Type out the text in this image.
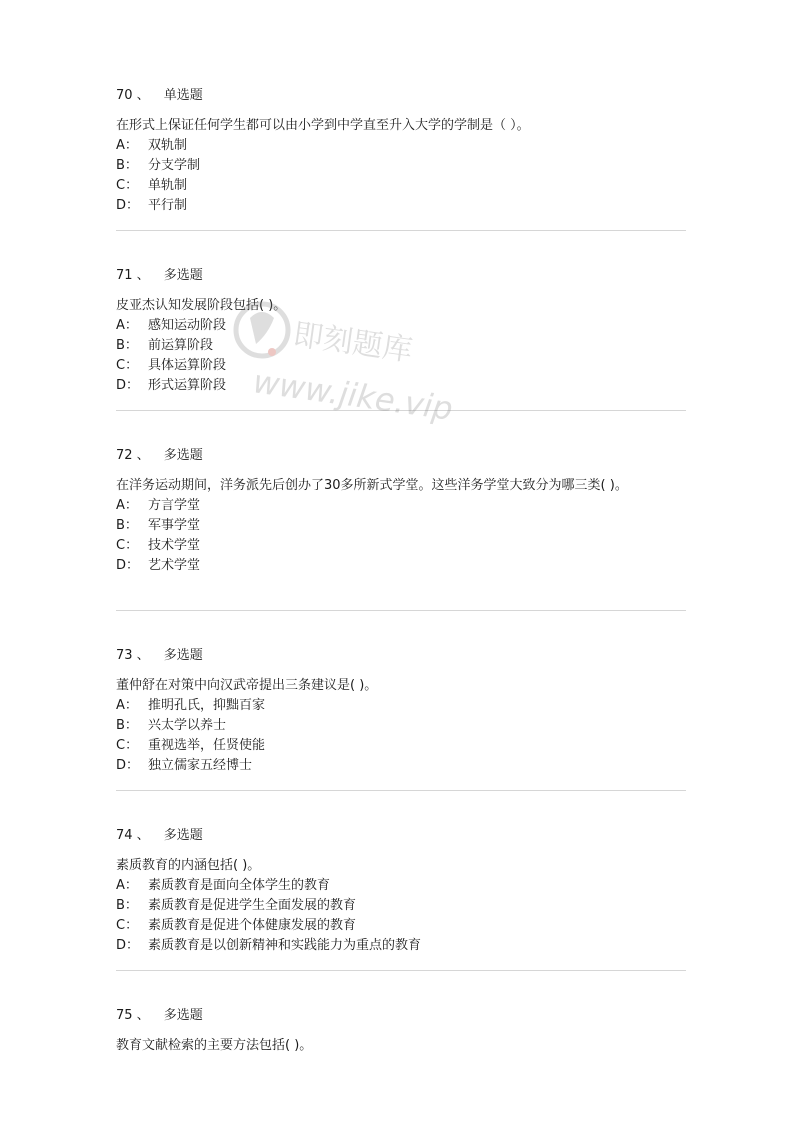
70 、 单选题
在形式上保证任何学生都可以由小学到中学直至升入大学的学制是（ ）。
A： 双轨制
B： 分支学制
C： 单轨制
D： 平行制
71 、 多选题
皮亚杰认知发展阶段包括( )。
A： 感知运动阶段
B： 前运算阶段
C： 具体运算阶段
D： 形式运算阶段
72 、 多选题
在洋务运动期间，洋务派先后创办了30多所新式学堂。这些洋务学堂大致分为哪三类( )。
A： 方言学堂
B： 军事学堂
C： 技术学堂
D： 艺术学堂
73 、 多选题
董仲舒在对策中向汉武帝提出三条建议是( )。
A： 推明孔氏，抑黜百家
B： 兴太学以养士
C： 重视选举，任贤使能
D： 独立儒家五经博士
74 、 多选题
素质教育的内涵包括( )。
A： 素质教育是面向全体学生的教育
B： 素质教育是促进学生全面发展的教育
C： 素质教育是促进个体健康发展的教育
D： 素质教育是以创新精神和实践能力为重点的教育
75 、 多选题
教育文献检索的主要方法包括( )。
即刻题库
www.jike.vip
